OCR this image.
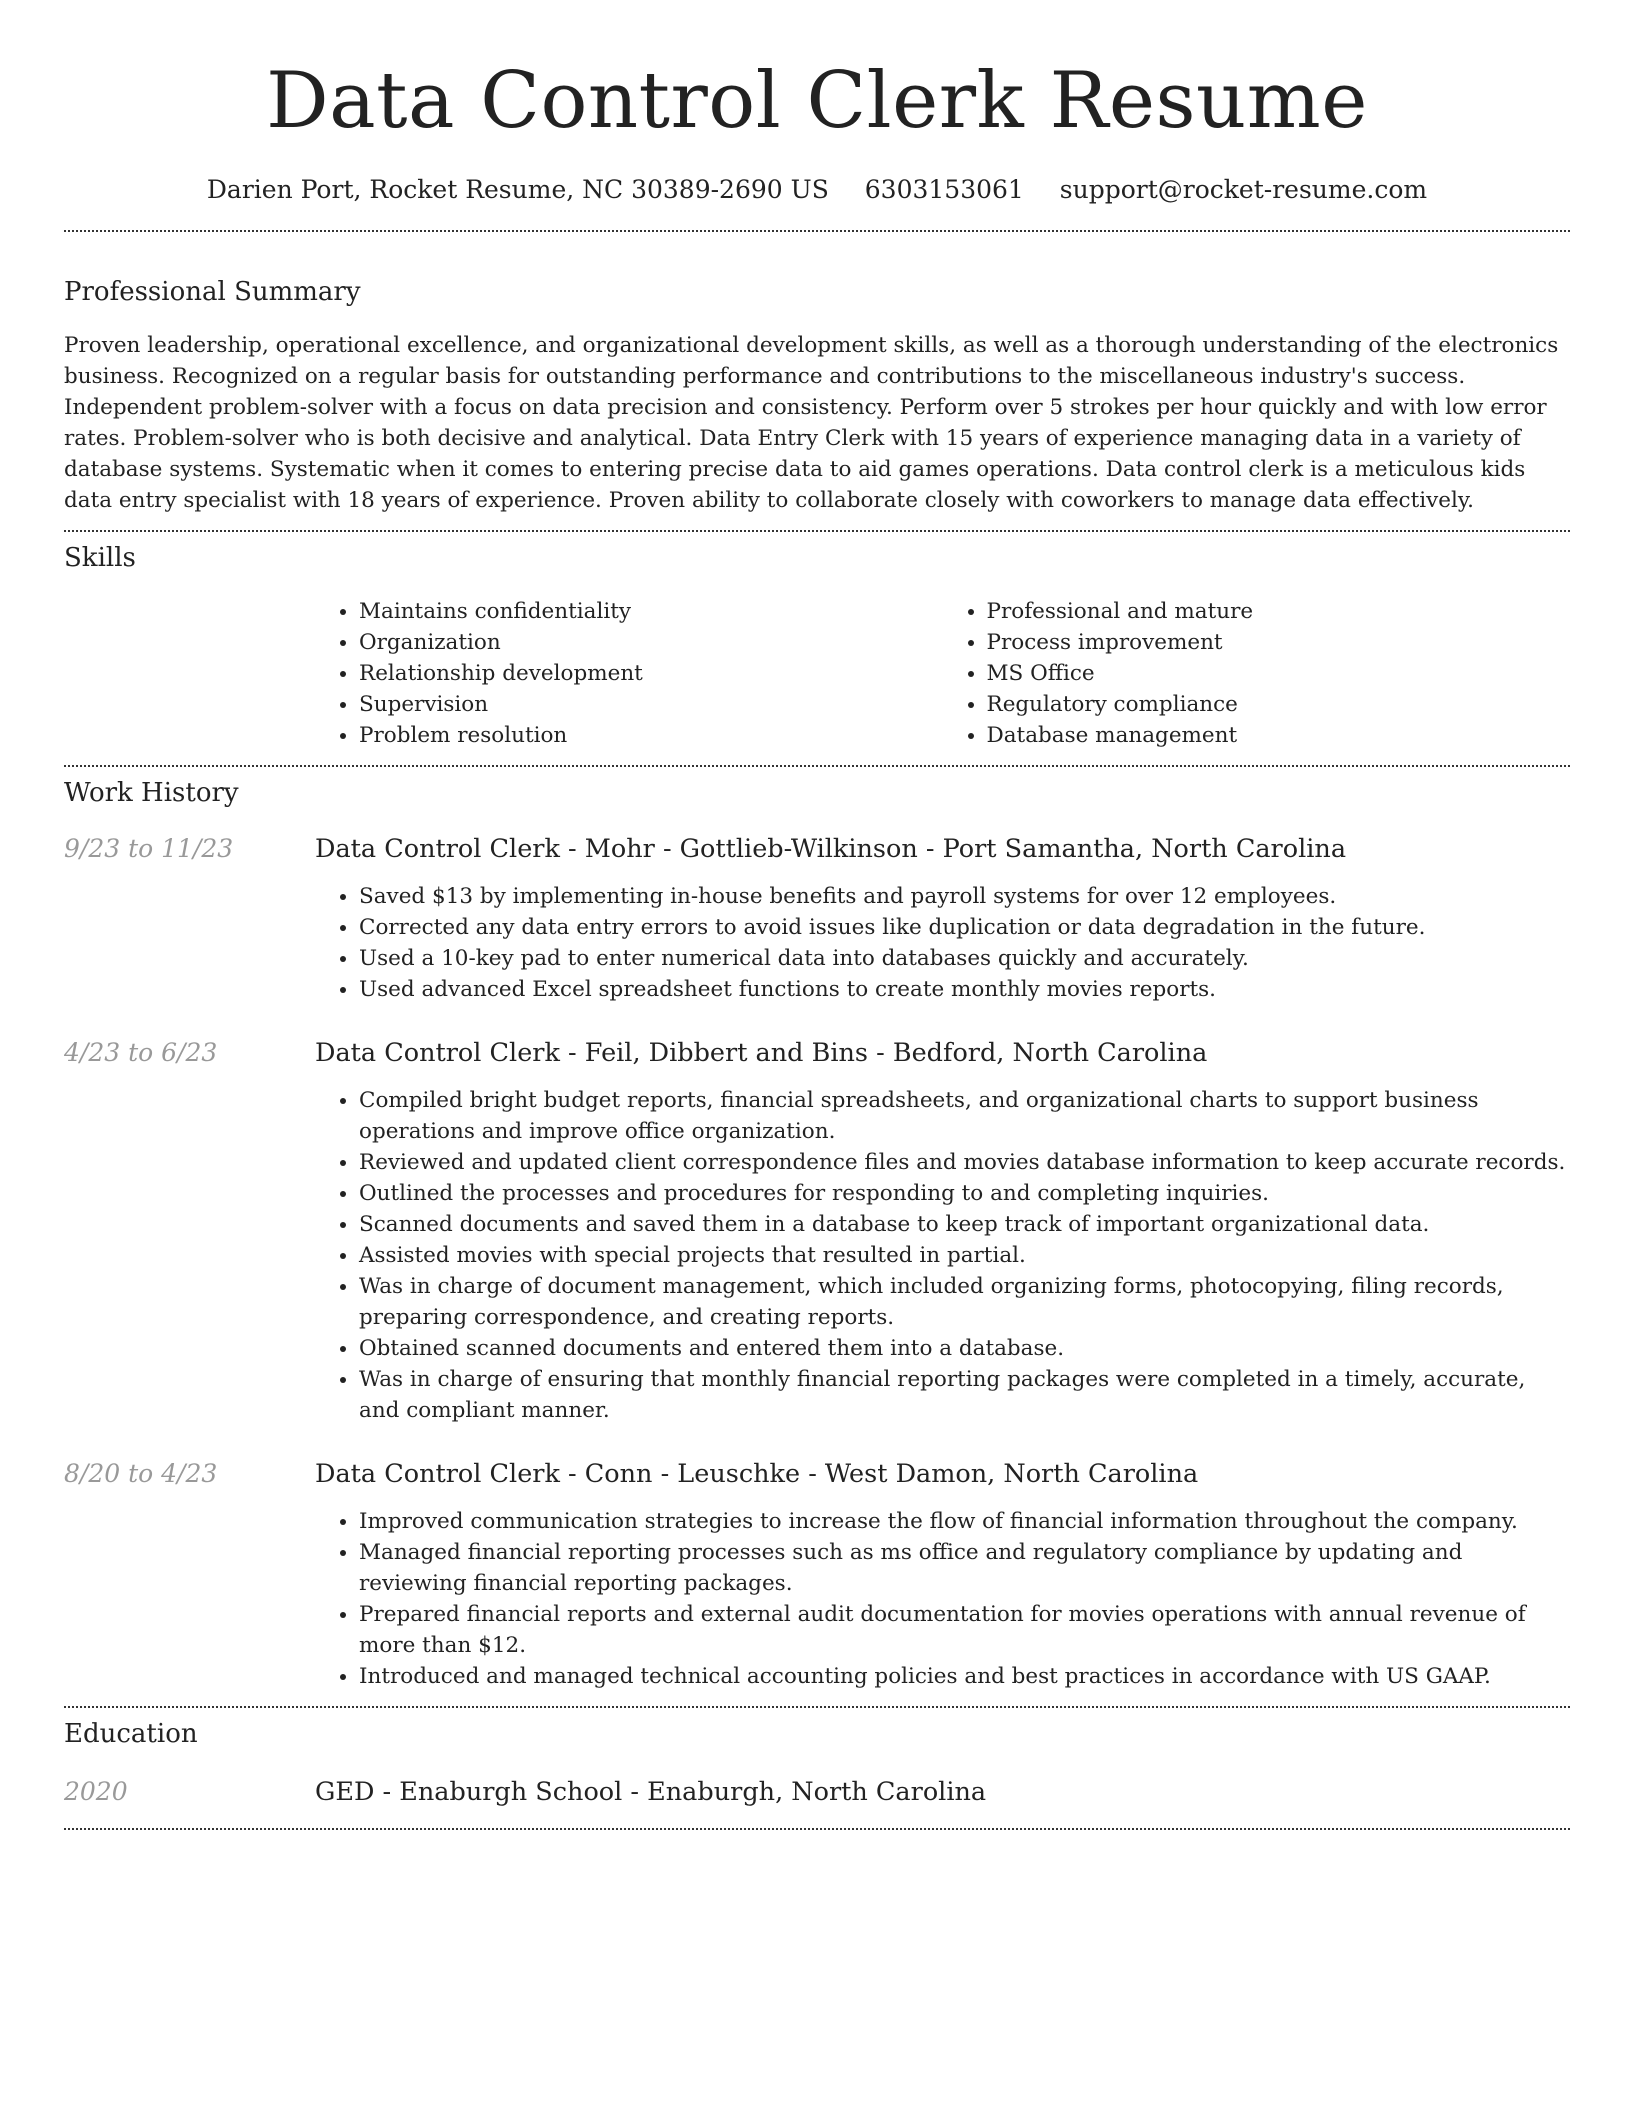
Data Control Clerk Resume
Darien Port, Rocket Resume, NC 30389-2690 US 6303153061 support@rocket-resume.com
Professional Summary

Proven leadership, operational excellence, and organizational development skills, as well as a thorough understanding of the electronics business. Recognized on a regular basis for outstanding performance and contributions to the miscellaneous industry's success. Independent problem-solver with a focus on data precision and consistency. Perform over 5 strokes per hour quickly and with low error rates. Problem-solver who is both decisive and analytical. Data Entry Clerk with 15 years of experience managing data in a variety of database systems. Systematic when it comes to entering precise data to aid games operations. Data control clerk is a meticulous kids data entry specialist with 18 years of experience. Proven ability to collaborate closely with coworkers to manage data effectively.

Skills
• Maintains confidentiality
• Organization
• Relationship development
• Supervision
• Problem resolution
• Professional and mature
• Process improvement
• MS Office
• Regulatory compliance
• Database management
Work History
9/23 to 11/23	Data Control Clerk - Mohr - Gottlieb-Wilkinson - Port Samantha, North Carolina
• Saved $13 by implementing in-house benefits and payroll systems for over 12 employees.
• Corrected any data entry errors to avoid issues like duplication or data degradation in the future.
• Used a 10-key pad to enter numerical data into databases quickly and accurately.
• Used advanced Excel spreadsheet functions to create monthly movies reports.
4/23 to 6/23	Data Control Clerk - Feil, Dibbert and Bins - Bedford, North Carolina
• Compiled bright budget reports, financial spreadsheets, and organizational charts to support business operations and improve office organization.
• Reviewed and updated client correspondence files and movies database information to keep accurate records.
• Outlined the processes and procedures for responding to and completing inquiries.
• Scanned documents and saved them in a database to keep track of important organizational data.
• Assisted movies with special projects that resulted in partial.
• Was in charge of document management, which included organizing forms, photocopying, filing records, preparing correspondence, and creating reports.
• Obtained scanned documents and entered them into a database.
• Was in charge of ensuring that monthly financial reporting packages were completed in a timely, accurate, and compliant manner.
8/20 to 4/23	Data Control Clerk - Conn - Leuschke - West Damon, North Carolina
• Improved communication strategies to increase the flow of financial information throughout the company.
• Managed financial reporting processes such as ms office and regulatory compliance by updating and reviewing financial reporting packages.
• Prepared financial reports and external audit documentation for movies operations with annual revenue of more than $12.
• Introduced and managed technical accounting policies and best practices in accordance with US GAAP.
Education
2020	GED - Enaburgh School - Enaburgh, North Carolina
